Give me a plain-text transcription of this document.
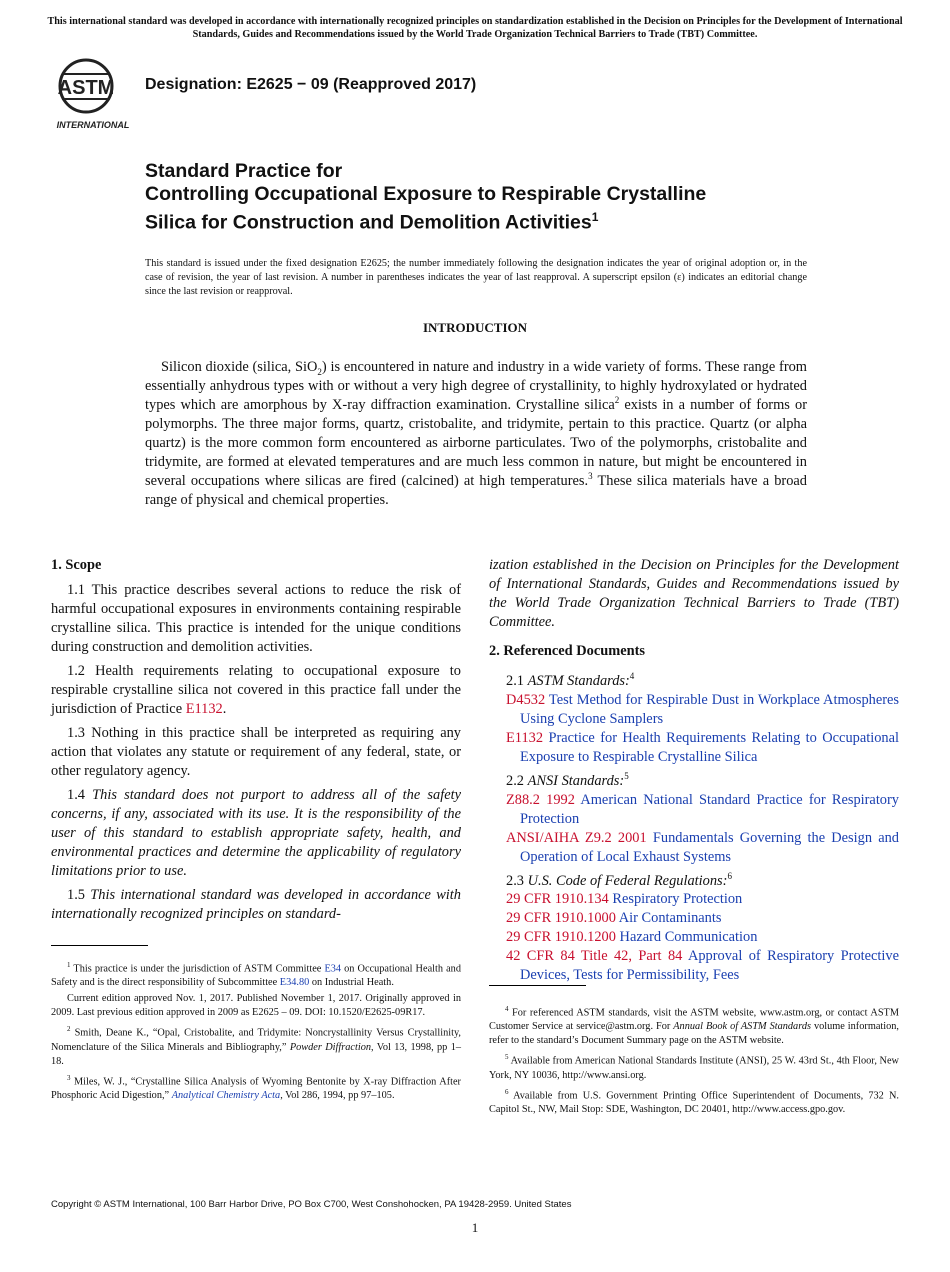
This international standard was developed in accordance with internationally recognized principles on standardization established in the Decision on Principles for the Development of International Standards, Guides and Recommendations issued by the World Trade Organization Technical Barriers to Trade (TBT) Committee.
ASTM
INTERNATIONAL
Designation: E2625 − 09 (Reapproved 2017)
Standard Practice for
Controlling Occupational Exposure to Respirable Crystalline
Silica for Construction and Demolition Activities$^1$
This standard is issued under the fixed designation E2625; the number immediately following the designation indicates the year of original adoption or, in the case of revision, the year of last revision. A number in parentheses indicates the year of last reapproval. A superscript epsilon (ε) indicates an editorial change since the last revision or reapproval.
INTRODUCTION
Silicon dioxide (silica, SiO$_2$) is encountered in nature and industry in a wide variety of forms. These range from essentially anhydrous types with or without a very high degree of crystallinity, to highly hydroxylated or hydrated types which are amorphous by X-ray diffraction examination. Crystalline silica$^2$ exists in a number of forms or polymorphs. The three major forms, quartz, cristobalite, and tridymite, pertain to this practice. Quartz (or alpha quartz) is the more common form encountered as airborne particulates. Two of the polymorphs, cristobalite and tridymite, are formed at elevated temperatures and are much less common in nature, but might be encountered in several occupations where silicas are fired (calcined) at high temperatures.$^3$ These silica materials have a broad range of physical and chemical properties.
1. Scope

1.1 This practice describes several actions to reduce the risk of harmful occupational exposures in environments containing respirable crystalline silica. This practice is intended for the unique conditions during construction and demolition activities.

1.2 Health requirements relating to occupational exposure to respirable crystalline silica not covered in this practice fall under the jurisdiction of Practice E1132.

1.3 Nothing in this practice shall be interpreted as requiring any action that violates any statute or requirement of any federal, state, or other regulatory agency.

1.4 This standard does not purport to address all of the safety concerns, if any, associated with its use. It is the responsibility of the user of this standard to establish appropriate safety, health, and environmental practices and determine the applicability of regulatory limitations prior to use.

1.5 This international standard was developed in accordance with internationally recognized principles on standard-

ization established in the Decision on Principles for the Development of International Standards, Guides and Recommendations issued by the World Trade Organization Technical Barriers to Trade (TBT) Committee.

2. Referenced Documents

2.1 ASTM Standards:$^4$

D4532 Test Method for Respirable Dust in Workplace Atmospheres Using Cyclone Samplers

E1132 Practice for Health Requirements Relating to Occupational Exposure to Respirable Crystalline Silica

2.2 ANSI Standards:$^5$

Z88.2 1992 American National Standard Practice for Respiratory Protection

ANSI/AIHA Z9.2 2001 Fundamentals Governing the Design and Operation of Local Exhaust Systems

2.3 U.S. Code of Federal Regulations:$^6$

29 CFR 1910.134 Respiratory Protection

29 CFR 1910.1000 Air Contaminants

29 CFR 1910.1200 Hazard Communication

42 CFR 84 Title 42, Part 84 Approval of Respiratory Protective Devices, Tests for Permissibility, Fees

$^1$ This practice is under the jurisdiction of ASTM Committee E34 on Occupational Health and Safety and is the direct responsibility of Subcommittee E34.80 on Industrial Heath.

Current edition approved Nov. 1, 2017. Published November 1, 2017. Originally approved in 2009. Last previous edition approved in 2009 as E2625 – 09. DOI: 10.1520/E2625-09R17.

$^2$ Smith, Deane K., “Opal, Cristobalite, and Tridymite: Noncrystallinity Versus Crystallinity, Nomenclature of the Silica Minerals and Bibliography,” Powder Diffraction, Vol 13, 1998, pp 1–18.

$^3$ Miles, W. J., “Crystalline Silica Analysis of Wyoming Bentonite by X-ray Diffraction After Phosphoric Acid Digestion,” Analytical Chemistry Acta, Vol 286, 1994, pp 97–105.

$^4$ For referenced ASTM standards, visit the ASTM website, www.astm.org, or contact ASTM Customer Service at service@astm.org. For Annual Book of ASTM Standards volume information, refer to the standard’s Document Summary page on the ASTM website.

$^5$ Available from American National Standards Institute (ANSI), 25 W. 43rd St., 4th Floor, New York, NY 10036, http://www.ansi.org.

$^6$ Available from U.S. Government Printing Office Superintendent of Documents, 732 N. Capitol St., NW, Mail Stop: SDE, Washington, DC 20401, http://www.access.gpo.gov.

Copyright © ASTM International, 100 Barr Harbor Drive, PO Box C700, West Conshohocken, PA 19428-2959. United States
1
